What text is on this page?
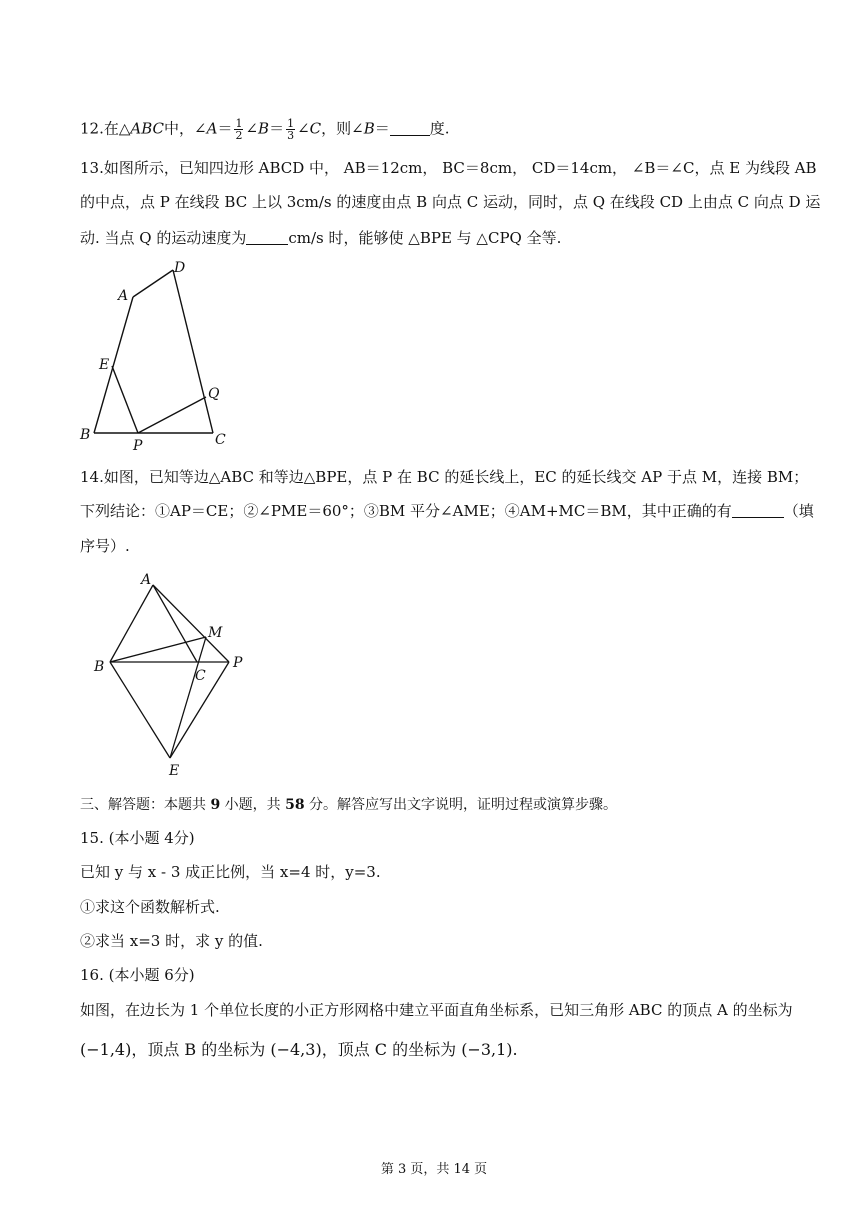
12.在△ABC中，∠A＝ $\frac{1}{2}$ ∠B＝ $\frac{1}{3}$ ∠C，则∠B＝	度.
13.如图所示，已知四边形 ABCD 中， AB＝12cm， BC＝8cm， CD＝14cm， ∠B＝∠C，点 E 为线段 AB
的中点，点 P 在线段 BC 上以 3cm/s 的速度由点 B 向点 C 运动，同时，点 Q 在线段 CD 上由点 C 向点 D 运
动. 当点 Q 的运动速度为	cm/s 时，能够使 △BPE 与 △CPQ 全等.
D
A
E
Q
B
P	C
14.如图，已知等边△ABC 和等边△BPE，点 P 在 BC 的延长线上，EC 的延长线交 AP 于点 M，连接 BM；
下列结论：①AP＝CE；②∠PME＝60°；③BM 平分∠AME；④AM+MC＝BM，其中正确的有	（填
序号）.
A
M
B
C
P
E
三、解答题：本题共 9 小题，共 58 分。解答应写出文字说明，证明过程或演算步骤。
15. (本小题 4分)
已知 y 与 x - 3 成正比例，当 x=4 时，y=3.
①求这个函数解析式.
②求当 x=3 时，求 y 的值.
16. (本小题 6分)
如图，在边长为 1 个单位长度的小正方形网格中建立平面直角坐标系，已知三角形 ABC 的顶点 A 的坐标为
(−1,4)，顶点 B 的坐标为 (−4,3)，顶点 C 的坐标为 (−3,1).
第 3 页，共 14 页
